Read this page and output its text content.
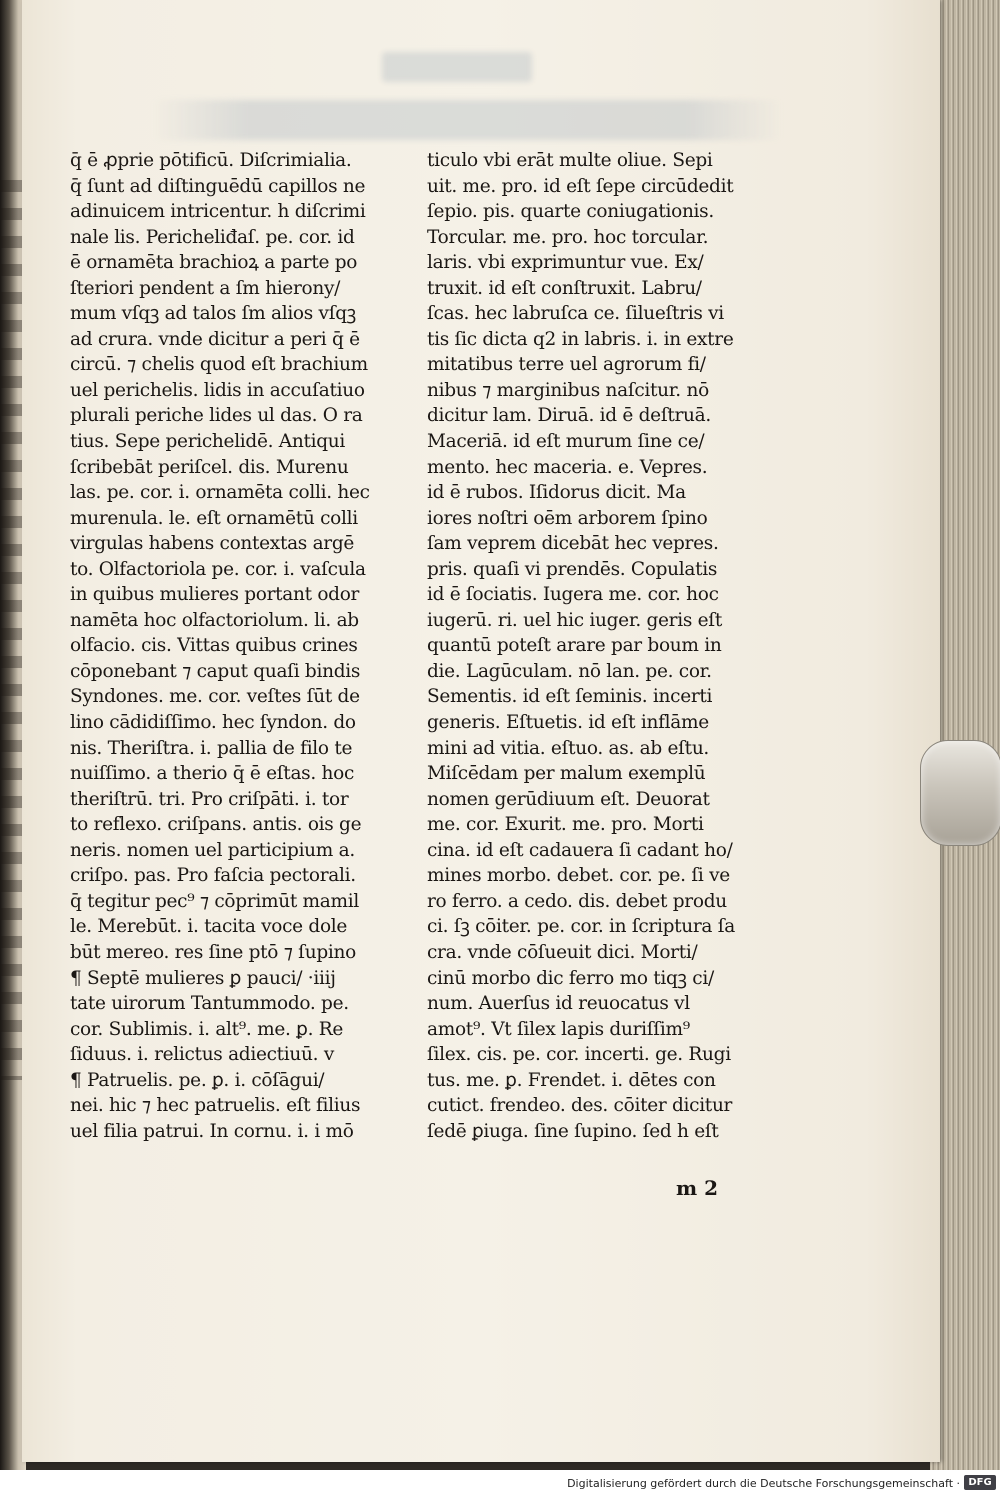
q̄ ē ꝓprie pōtificū. Diſcrimialia.
q̄ ſunt ad diſtinguēdū capillos ne
adinuicem intricentur. h diſcrimi
nale lis. Pericheliđaſ. pe. cor. id
ē ornamēta brachioꝝ a parte po
ſteriori pendent a ſm hierony/
mum vſqꝫ ad talos ſm alios vſqꝫ
ad crura. vnde dicitur a peri q̄ ē
circū. ⁊ chelis quod eſt brachium
uel perichelis. lidis in accuſatiuo
plurali periche lides ul das. O ra
tius. Sepe perichelidē. Antiqui
ſcribebāt periſcel. dis. Murenu
las. pe. cor. i. ornamēta colli. hec
murenula. le. eſt ornamētū colli
virgulas habens contextas argē
to. Olfactoriola pe. cor. i. vaſcula
in quibus mulieres portant odor
namēta hoc olfactoriolum. li. ab
olfacio. cis. Vittas quibus crines
cōponebant ⁊ caput quaſi bindis
Syndones. me. cor. veſtes ſūt de
lino cādidiſſimo. hec ſyndon. do
nis. Theriſtra. i. pallia de filo te
nuiſſimo. a therio q̄ ē eſtas. hoc
theriſtrū. tri. Pro criſpāti. i. tor
to reflexo. criſpans. antis. ois ge
neris. nomen uel participium a.
criſpo. pas. Pro faſcia pectorali.
q̄ tegitur pec⁹ ⁊ cōprimūt mamil
le. Merebūt. i. tacita voce dole
būt mereo. res ſine ptō ⁊ ſupino
¶ Septē mulieres ꝑ pauci/ ·iiij
tate uirorum Tantummodo. pe.
cor. Sublimis. i. alt⁹. me. ꝑ. Re
ſiduus. i. relictus adiectiuū. v
¶ Patruelis. pe. ꝑ. i. cōſāgui/
nei. hic ⁊ hec patruelis. eſt filius
uel filia patrui. In cornu. i. i mō
ticulo vbi erāt multe oliue. Sepi
uit. me. pro. id eſt ſepe circūdedit
ſepio. pis. quarte coniugationis.
Torcular. me. pro. hoc torcular.
laris. vbi exprimuntur vue. Ex/
truxit. id eſt conſtruxit. Labru/
ſcas. hec labruſca ce. ſilueſtris vi
tis ſic dicta q2 in labris. i. in extre
mitatibus terre uel agrorum fi/
nibus ⁊ marginibus naſcitur. nō
dicitur lam. Diruā. id ē deſtruā.
Maceriā. id eſt murum ſine ce/
mento. hec maceria. e. Vepres.
id ē rubos. Iſidorus dicit. Ma
iores noſtri oēm arborem ſpino
ſam veprem dicebāt hec vepres.
pris. quaſi vi prendēs. Copulatis
id ē ſociatis. Iugera me. cor. hoc
iugerū. ri. uel hic iuger. geris eſt
quantū poteſt arare par boum in
die. Lagūculam. nō lan. pe. cor.
Sementis. id eſt ſeminis. incerti
generis. Eſtuetis. id eſt inflāme
mini ad vitia. eſtuo. as. ab eſtu.
Miſcēdam per malum exemplū
nomen gerūdiuum eſt. Deuorat
me. cor. Exurit. me. pro. Morti
cina. id eſt cadauera ſi cadant ho/
mines morbo. debet. cor. pe. ſi ve
ro ferro. a cedo. dis. debet produ
ci. ſꝫ cōiter. pe. cor. in ſcriptura ſa
cra. vnde cōſueuit dici. Morti/
cinū morbo dic ferro mo tiqꝫ ci/
num. Auerſus id reuocatus vl
amot⁹. Vt ſilex lapis duriſſim⁹
ſilex. cis. pe. cor. incerti. ge. Rugi
tus. me. ꝑ. Frendet. i. dētes con
cutict. frendeo. des. cōiter dicitur
ſedē ꝑiuga. ſine ſupino. ſed h eſt
m 2
Digitalisierung gefördert durch die Deutsche Forschungsgemeinschaft · DFG
